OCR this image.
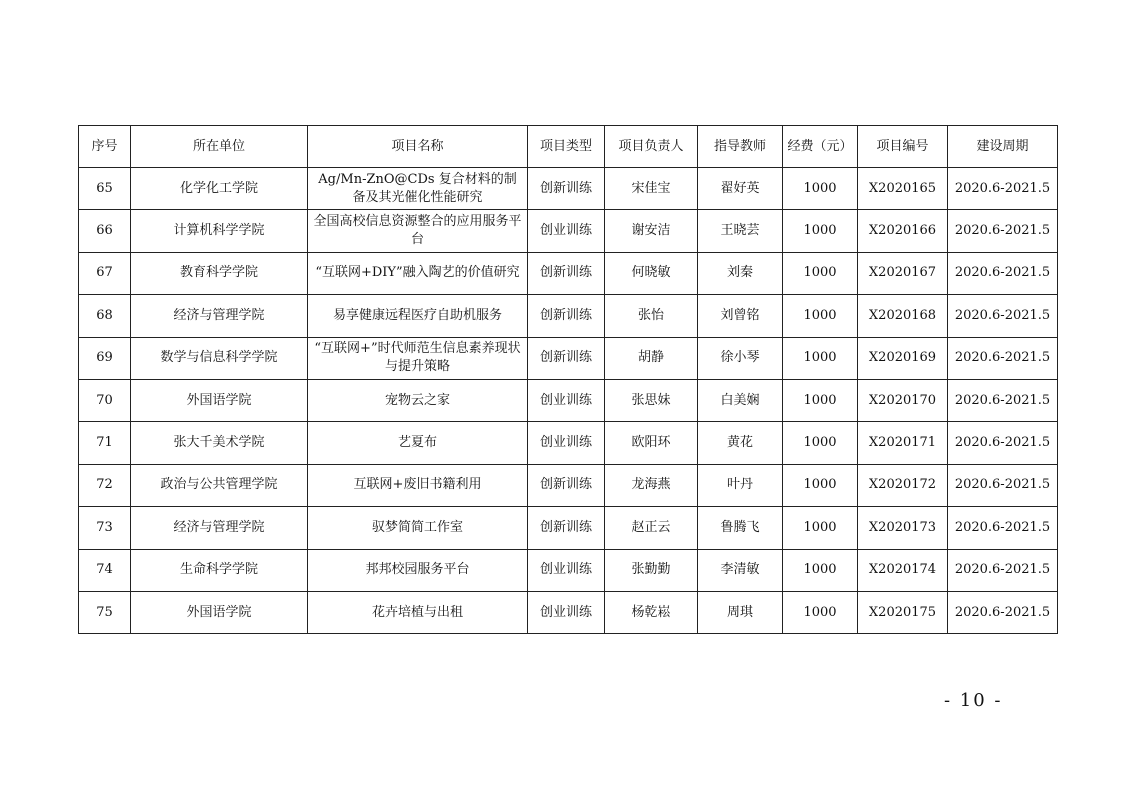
序号	所在单位	项目名称	项目类型	项目负责人	指导教师	经费（元）	项目编号	建设周期
65	化学化工学院	Ag/Mn-ZnO@CDs 复合材料的制备及其光催化性能研究	创新训练	宋佳宝	翟好英	1000	X2020165	2020.6-2021.5
66	计算机科学学院	全国高校信息资源整合的应用服务平台	创业训练	谢安洁	王晓芸	1000	X2020166	2020.6-2021.5
67	教育科学学院	“互联网+DIY”融入陶艺的价值研究	创新训练	何晓敏	刘秦	1000	X2020167	2020.6-2021.5
68	经济与管理学院	易享健康远程医疗自助机服务	创新训练	张怡	刘曾铭	1000	X2020168	2020.6-2021.5
69	数学与信息科学学院	“互联网+”时代师范生信息素养现状与提升策略	创新训练	胡静	徐小琴	1000	X2020169	2020.6-2021.5
70	外国语学院	宠物云之家	创业训练	张思妹	白美娴	1000	X2020170	2020.6-2021.5
71	张大千美术学院	艺夏布	创业训练	欧阳环	黄花	1000	X2020171	2020.6-2021.5
72	政治与公共管理学院	互联网+废旧书籍利用	创新训练	龙海燕	叶丹	1000	X2020172	2020.6-2021.5
73	经济与管理学院	驭梦简简工作室	创新训练	赵正云	鲁腾飞	1000	X2020173	2020.6-2021.5
74	生命科学学院	邦邦校园服务平台	创业训练	张勤勤	李清敏	1000	X2020174	2020.6-2021.5
75	外国语学院	花卉培植与出租	创业训练	杨乾崧	周琪	1000	X2020175	2020.6-2021.5
- 10 -
